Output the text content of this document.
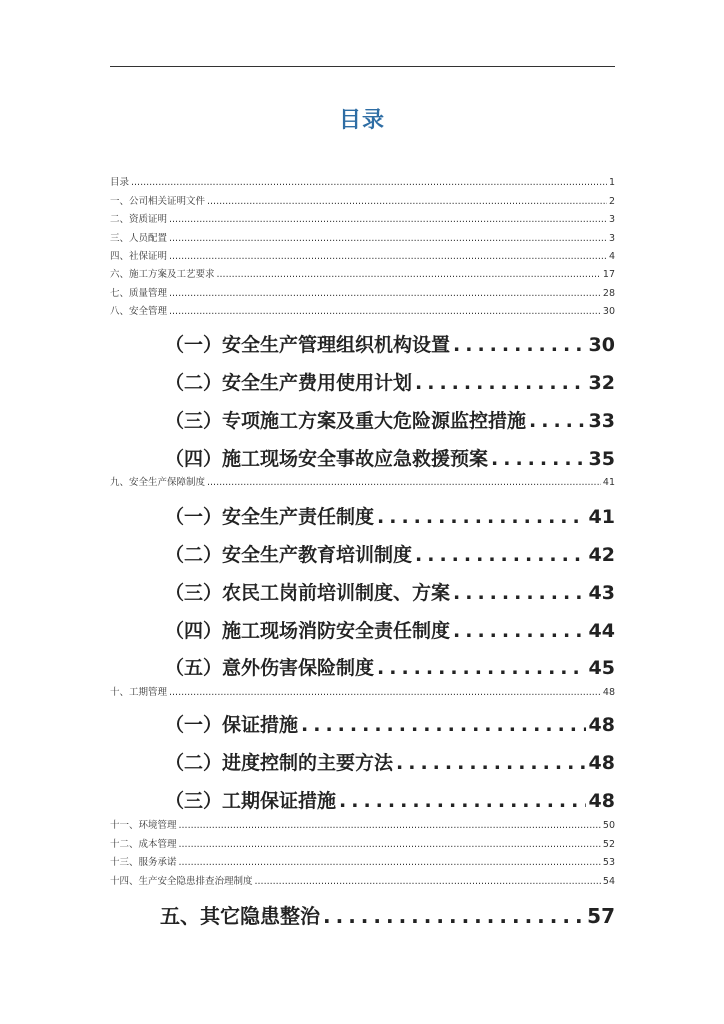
目录
目录 .....	1
一、公司相关证明文件 .....	2
二、资质证明 .....	3
三、人员配置 .....	3
四、社保证明 .....	4
六、施工方案及工艺要求 .....	17
七、质量管理 .....	28
八、安全管理 .....	30
（一）安全生产管理组织机构设置 .....	30
（二）安全生产费用使用计划 .....	32
（三）专项施工方案及重大危险源监控措施 .....	33
（四）施工现场安全事故应急救援预案 .....	35
九、安全生产保障制度 .....	41
（一）安全生产责任制度 .....	41
（二）安全生产教育培训制度 .....	42
（三）农民工岗前培训制度、方案 .....	43
（四）施工现场消防安全责任制度 .....	44
（五）意外伤害保险制度 .....	45
十、工期管理 .....	48
（一）保证措施 .....	48
（二）进度控制的主要方法 .....	48
（三）工期保证措施 .....	48
十一、环境管理 .....	50
十二、成本管理 .....	52
十三、服务承诺 .....	53
十四、生产安全隐患排查治理制度 .....	54
五、其它隐患整治 .....	57
